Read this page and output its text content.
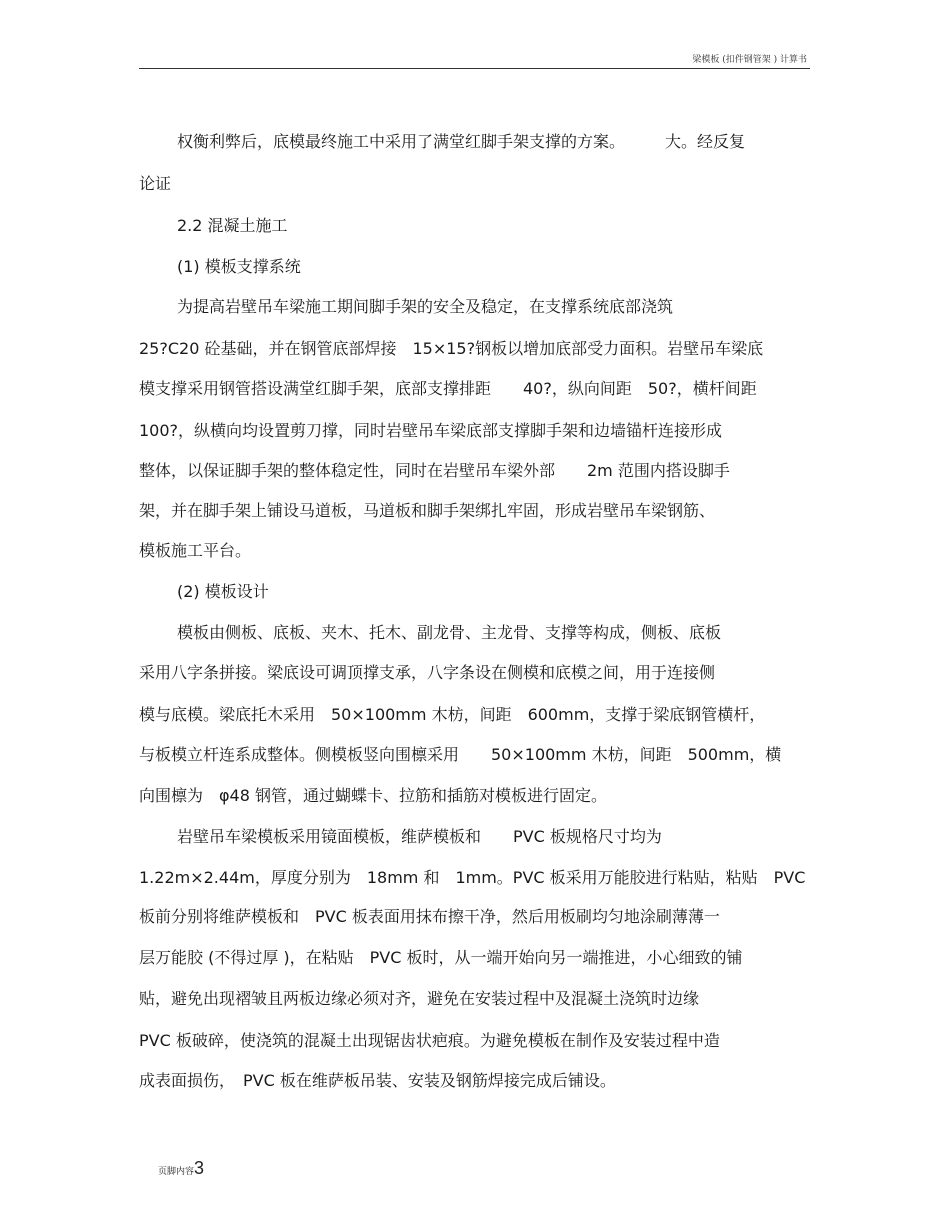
梁模板 (扣件钢管架 ) 计算书
权衡利弊后，底模最终施工中采用了满堂红脚手架支撑的方案。　　　大。经反复
论证
2.2 混凝土施工
(1) 模板支撑系统
为提高岩壁吊车梁施工期间脚手架的安全及稳定，在支撑系统底部浇筑
25?C20 砼基础，并在钢管底部焊接　15×15?钢板以增加底部受力面积。岩壁吊车梁底
模支撑采用钢管搭设满堂红脚手架，底部支撑排距　　40?，纵向间距　50?，横杆间距
100?，纵横向均设置剪刀撑，同时岩壁吊车梁底部支撑脚手架和边墙锚杆连接形成
整体，以保证脚手架的整体稳定性，同时在岩壁吊车梁外部　　2m 范围内搭设脚手
架，并在脚手架上铺设马道板，马道板和脚手架绑扎牢固，形成岩壁吊车梁钢筋、
模板施工平台。
(2) 模板设计
模板由侧板、底板、夹木、托木、副龙骨、主龙骨、支撑等构成，侧板、底板
采用八字条拼接。梁底设可调顶撑支承，八字条设在侧模和底模之间，用于连接侧
模与底模。梁底托木采用　50×100mm 木枋，间距　600mm，支撑于梁底钢管横杆，
与板模立杆连系成整体。侧模板竖向围檩采用　　50×100mm 木枋，间距　500mm，横
向围檩为　φ48 钢管，通过蝴蝶卡、拉筋和插筋对模板进行固定。
岩壁吊车梁模板采用镜面模板，维萨模板和　　PVC 板规格尺寸均为
1.22m×2.44m，厚度分别为　18mm 和　1mm。PVC 板采用万能胶进行粘贴，粘贴　PVC
板前分别将维萨模板和　PVC 板表面用抹布擦干净，然后用板刷均匀地涂刷薄薄一
层万能胶 (不得过厚 )，在粘贴　PVC 板时，从一端开始向另一端推进，小心细致的铺
贴，避免出现褶皱且两板边缘必须对齐，避免在安装过程中及混凝土浇筑时边缘
PVC 板破碎，使浇筑的混凝土出现锯齿状疤痕。为避免模板在制作及安装过程中造
成表面损伤，　PVC 板在维萨板吊装、安装及钢筋焊接完成后铺设。
页脚内容3
